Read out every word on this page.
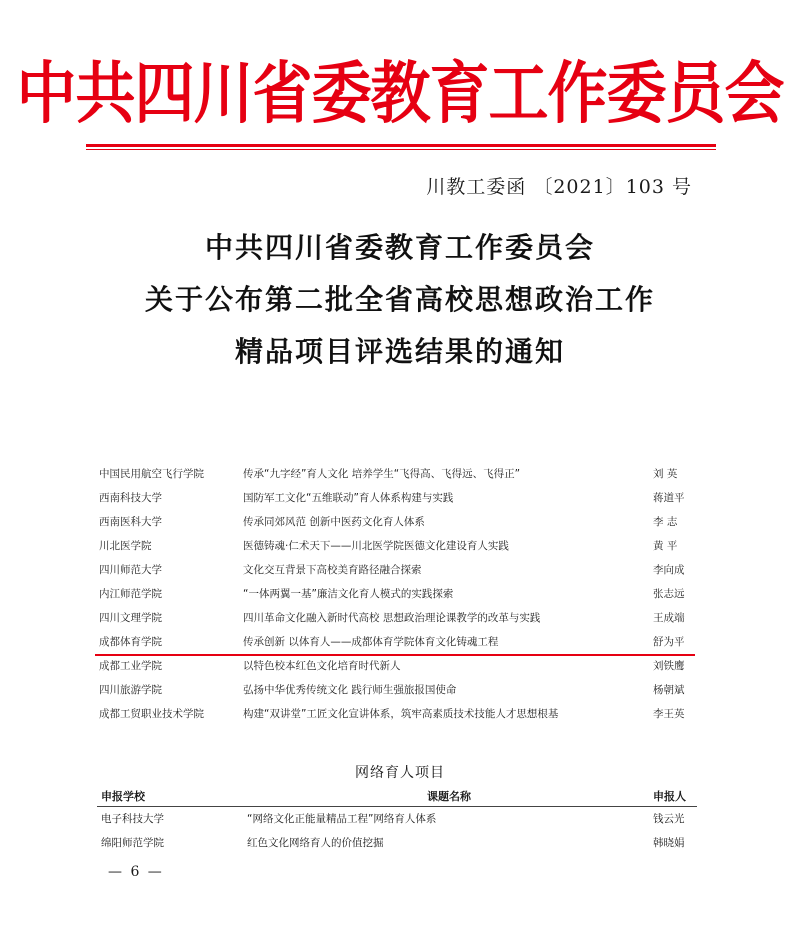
中共四川省委教育工作委员会
川教工委函 〔2021〕103 号
中共四川省委教育工作委员会
关于公布第二批全省高校思想政治工作
精品项目评选结果的通知
中国民用航空飞行学院	传承“九字经”育人文化 培养学生“飞得高、飞得远、飞得正”	刘 英
西南科技大学	国防军工文化“五维联动”育人体系构建与实践	蒋道平
西南医科大学	传承同郊风范 创新中医药文化育人体系	李 志
川北医学院	医德铸魂·仁术天下——川北医学院医德文化建设育人实践	黄 平
四川师范大学	文化交互背景下高校美育路径融合探索	李向成
内江师范学院	“一体两翼一基”廉洁文化育人模式的实践探索	张志远
四川文理学院	四川革命文化融入新时代高校 思想政治理论课教学的改革与实践	王成端
成都体育学院	传承创新 以体育人——成都体育学院体育文化铸魂工程	舒为平
成都工业学院	以特色校本红色文化培育时代新人	刘铁鹰
四川旅游学院	弘扬中华优秀传统文化 践行师生强旅报国使命	杨朝斌
成都工贸职业技术学院	构建“双讲堂”工匠文化宣讲体系，筑牢高素质技术技能人才思想根基	李王英
网络育人项目
申报学校	课题名称	申报人
电子科技大学	“网络文化正能量精品工程”网络育人体系	钱云光
绵阳师范学院	红色文化网络育人的价值挖掘	韩晓娟
— 6 —
